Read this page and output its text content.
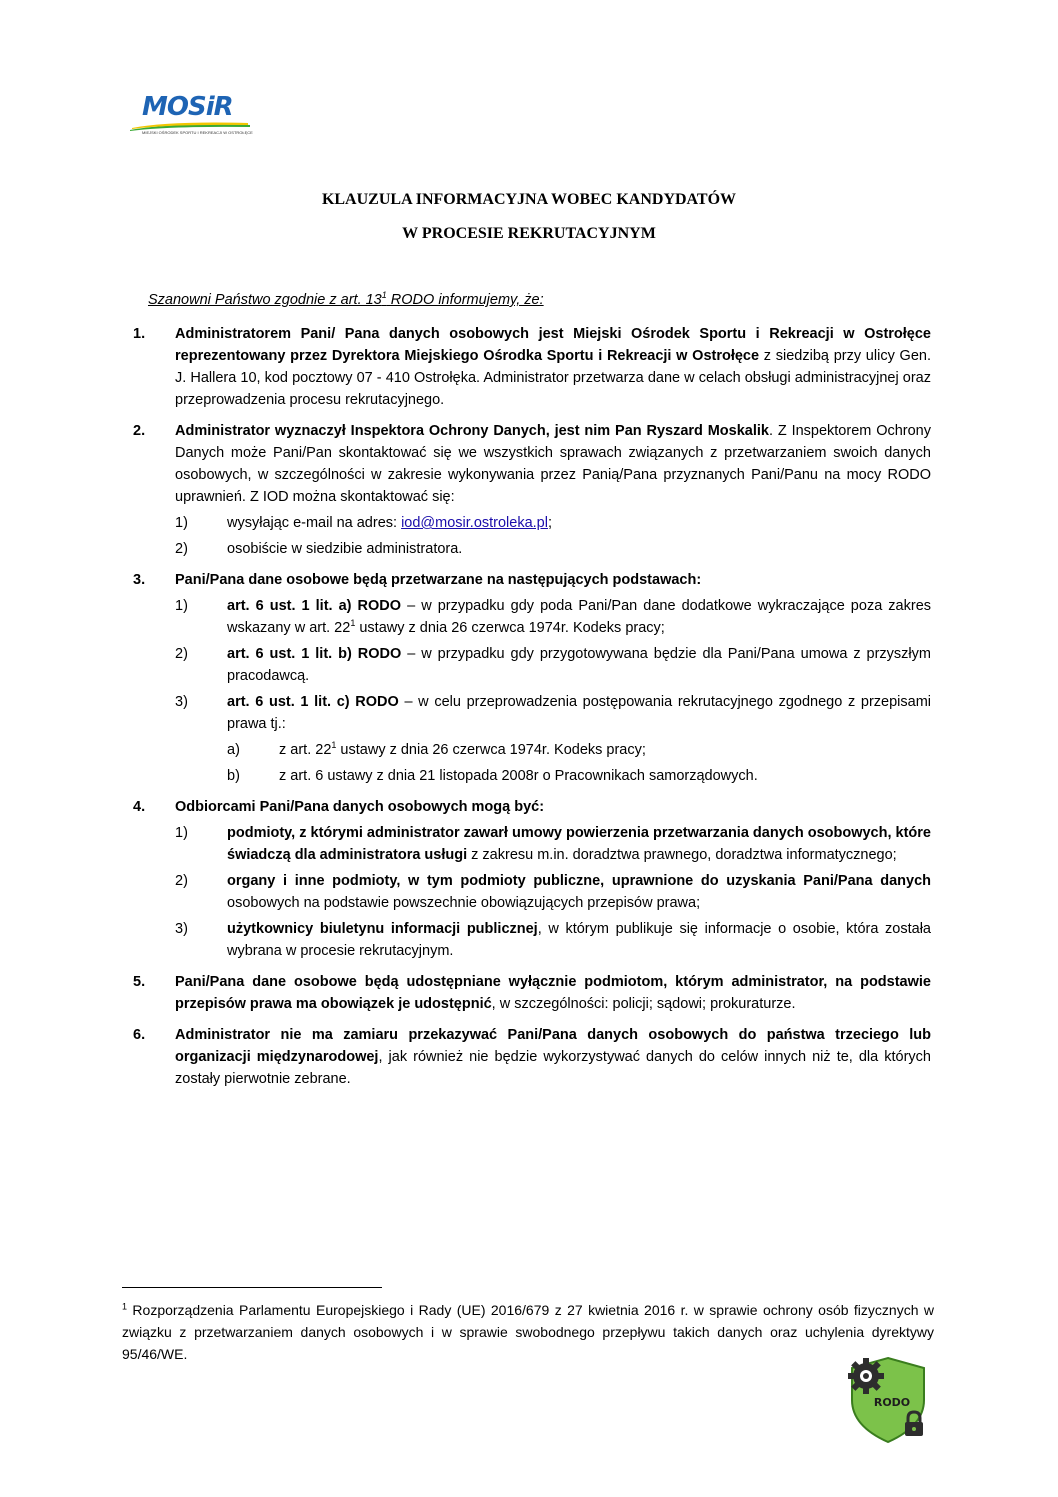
MOSiR
MIEJSKI OŚRODEK SPORTU I REKREACJI W OSTROŁĘCE
KLAUZULA INFORMACYJNA WOBEC KANDYDATÓW
W PROCESIE REKRUTACYJNYM
Szanowni Państwo zgodnie z art. $13^1$ RODO informujemy, że:
1. Administratorem Pani/ Pana danych osobowych jest Miejski Ośrodek Sportu i Rekreacji w Ostrołęce reprezentowany przez Dyrektora Miejskiego Ośrodka Sportu i Rekreacji w Ostrołęce z siedzibą przy ulicy Gen. J. Hallera 10, kod pocztowy 07 - 410 Ostrołęka. Administrator przetwarza dane w celach obsługi administracyjnej oraz przeprowadzenia procesu rekrutacyjnego.
2. Administrator wyznaczył Inspektora Ochrony Danych, jest nim Pan Ryszard Moskalik. Z Inspektorem Ochrony Danych może Pani/Pan skontaktować się we wszystkich sprawach związanych z przetwarzaniem swoich danych osobowych, w szczególności w zakresie wykonywania przez Panią/Pana przyznanych Pani/Panu na mocy RODO uprawnień. Z IOD można skontaktować się:
1)	wysyłając e-mail na adres: iod@mosir.ostroleka.pl;
2)	osobiście w siedzibie administratora.
3. Pani/Pana dane osobowe będą przetwarzane na następujących podstawach:
1)	art. 6 ust. 1 lit. a) RODO – w przypadku gdy poda Pani/Pan dane dodatkowe wykraczające poza zakres wskazany w art. $22^1$ ustawy z dnia 26 czerwca 1974r. Kodeks pracy;
2)	art. 6 ust. 1 lit. b) RODO – w przypadku gdy przygotowywana będzie dla Pani/Pana umowa z przyszłym pracodawcą.
3)	art. 6 ust. 1 lit. c) RODO – w celu przeprowadzenia postępowania rekrutacyjnego zgodnego z przepisami prawa tj.:
a)	z art. $22^1$ ustawy z dnia 26 czerwca 1974r. Kodeks pracy;
b)	z art. 6 ustawy z dnia 21 listopada 2008r o Pracownikach samorządowych.
4. Odbiorcami Pani/Pana danych osobowych mogą być:
1)	podmioty, z którymi administrator zawarł umowy powierzenia przetwarzania danych osobowych, które świadczą dla administratora usługi z zakresu m.in. doradztwa prawnego, doradztwa informatycznego;
2)	organy i inne podmioty, w tym podmioty publiczne, uprawnione do uzyskania Pani/Pana danych osobowych na podstawie powszechnie obowiązujących przepisów prawa;
3)	użytkownicy biuletynu informacji publicznej, w którym publikuje się informacje o osobie, która została wybrana w procesie rekrutacyjnym.
5. Pani/Pana dane osobowe będą udostępniane wyłącznie podmiotom, którym administrator, na podstawie przepisów prawa ma obowiązek je udostępnić, w szczególności: policji; sądowi; prokuraturze.
6. Administrator nie ma zamiaru przekazywać Pani/Pana danych osobowych do państwa trzeciego lub organizacji międzynarodowej, jak również nie będzie wykorzystywać danych do celów innych niż te, dla których zostały pierwotnie zebrane.
$^1$ Rozporządzenia Parlamentu Europejskiego i Rady (UE) 2016/679 z 27 kwietnia 2016 r. w sprawie ochrony osób fizycznych w związku z przetwarzaniem danych osobowych i w sprawie swobodnego przepływu takich danych oraz uchylenia dyrektywy 95/46/WE.
RODO
